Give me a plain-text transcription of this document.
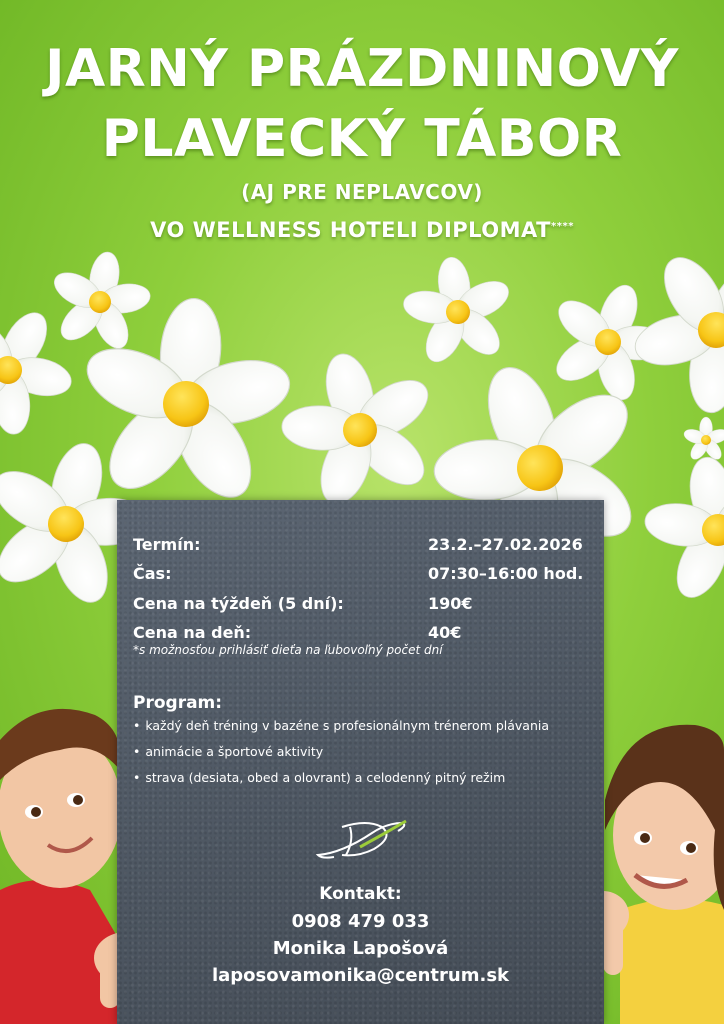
JARNÝ PRÁZDNINOVÝ
PLAVECKÝ TÁBOR
(AJ PRE NEPLAVCOV)
VO WELLNESS HOTELI DIPLOMAT****
Termín:	23.2.–27.02.2026
Čas:	07:30–16:00 hod.
Cena na týždeň (5 dní):	190€
Cena na deň:	40€
*s možnosťou prihlásiť dieťa na ľubovoľný počet dní
Program:
• každý deň tréning v bazéne s profesionálnym trénerom plávania
• animácie a športové aktivity
• strava (desiata, obed a olovrant) a celodenný pitný režim
Kontakt:
0908 479 033
Monika Lapošová
laposovamonika@centrum.sk
